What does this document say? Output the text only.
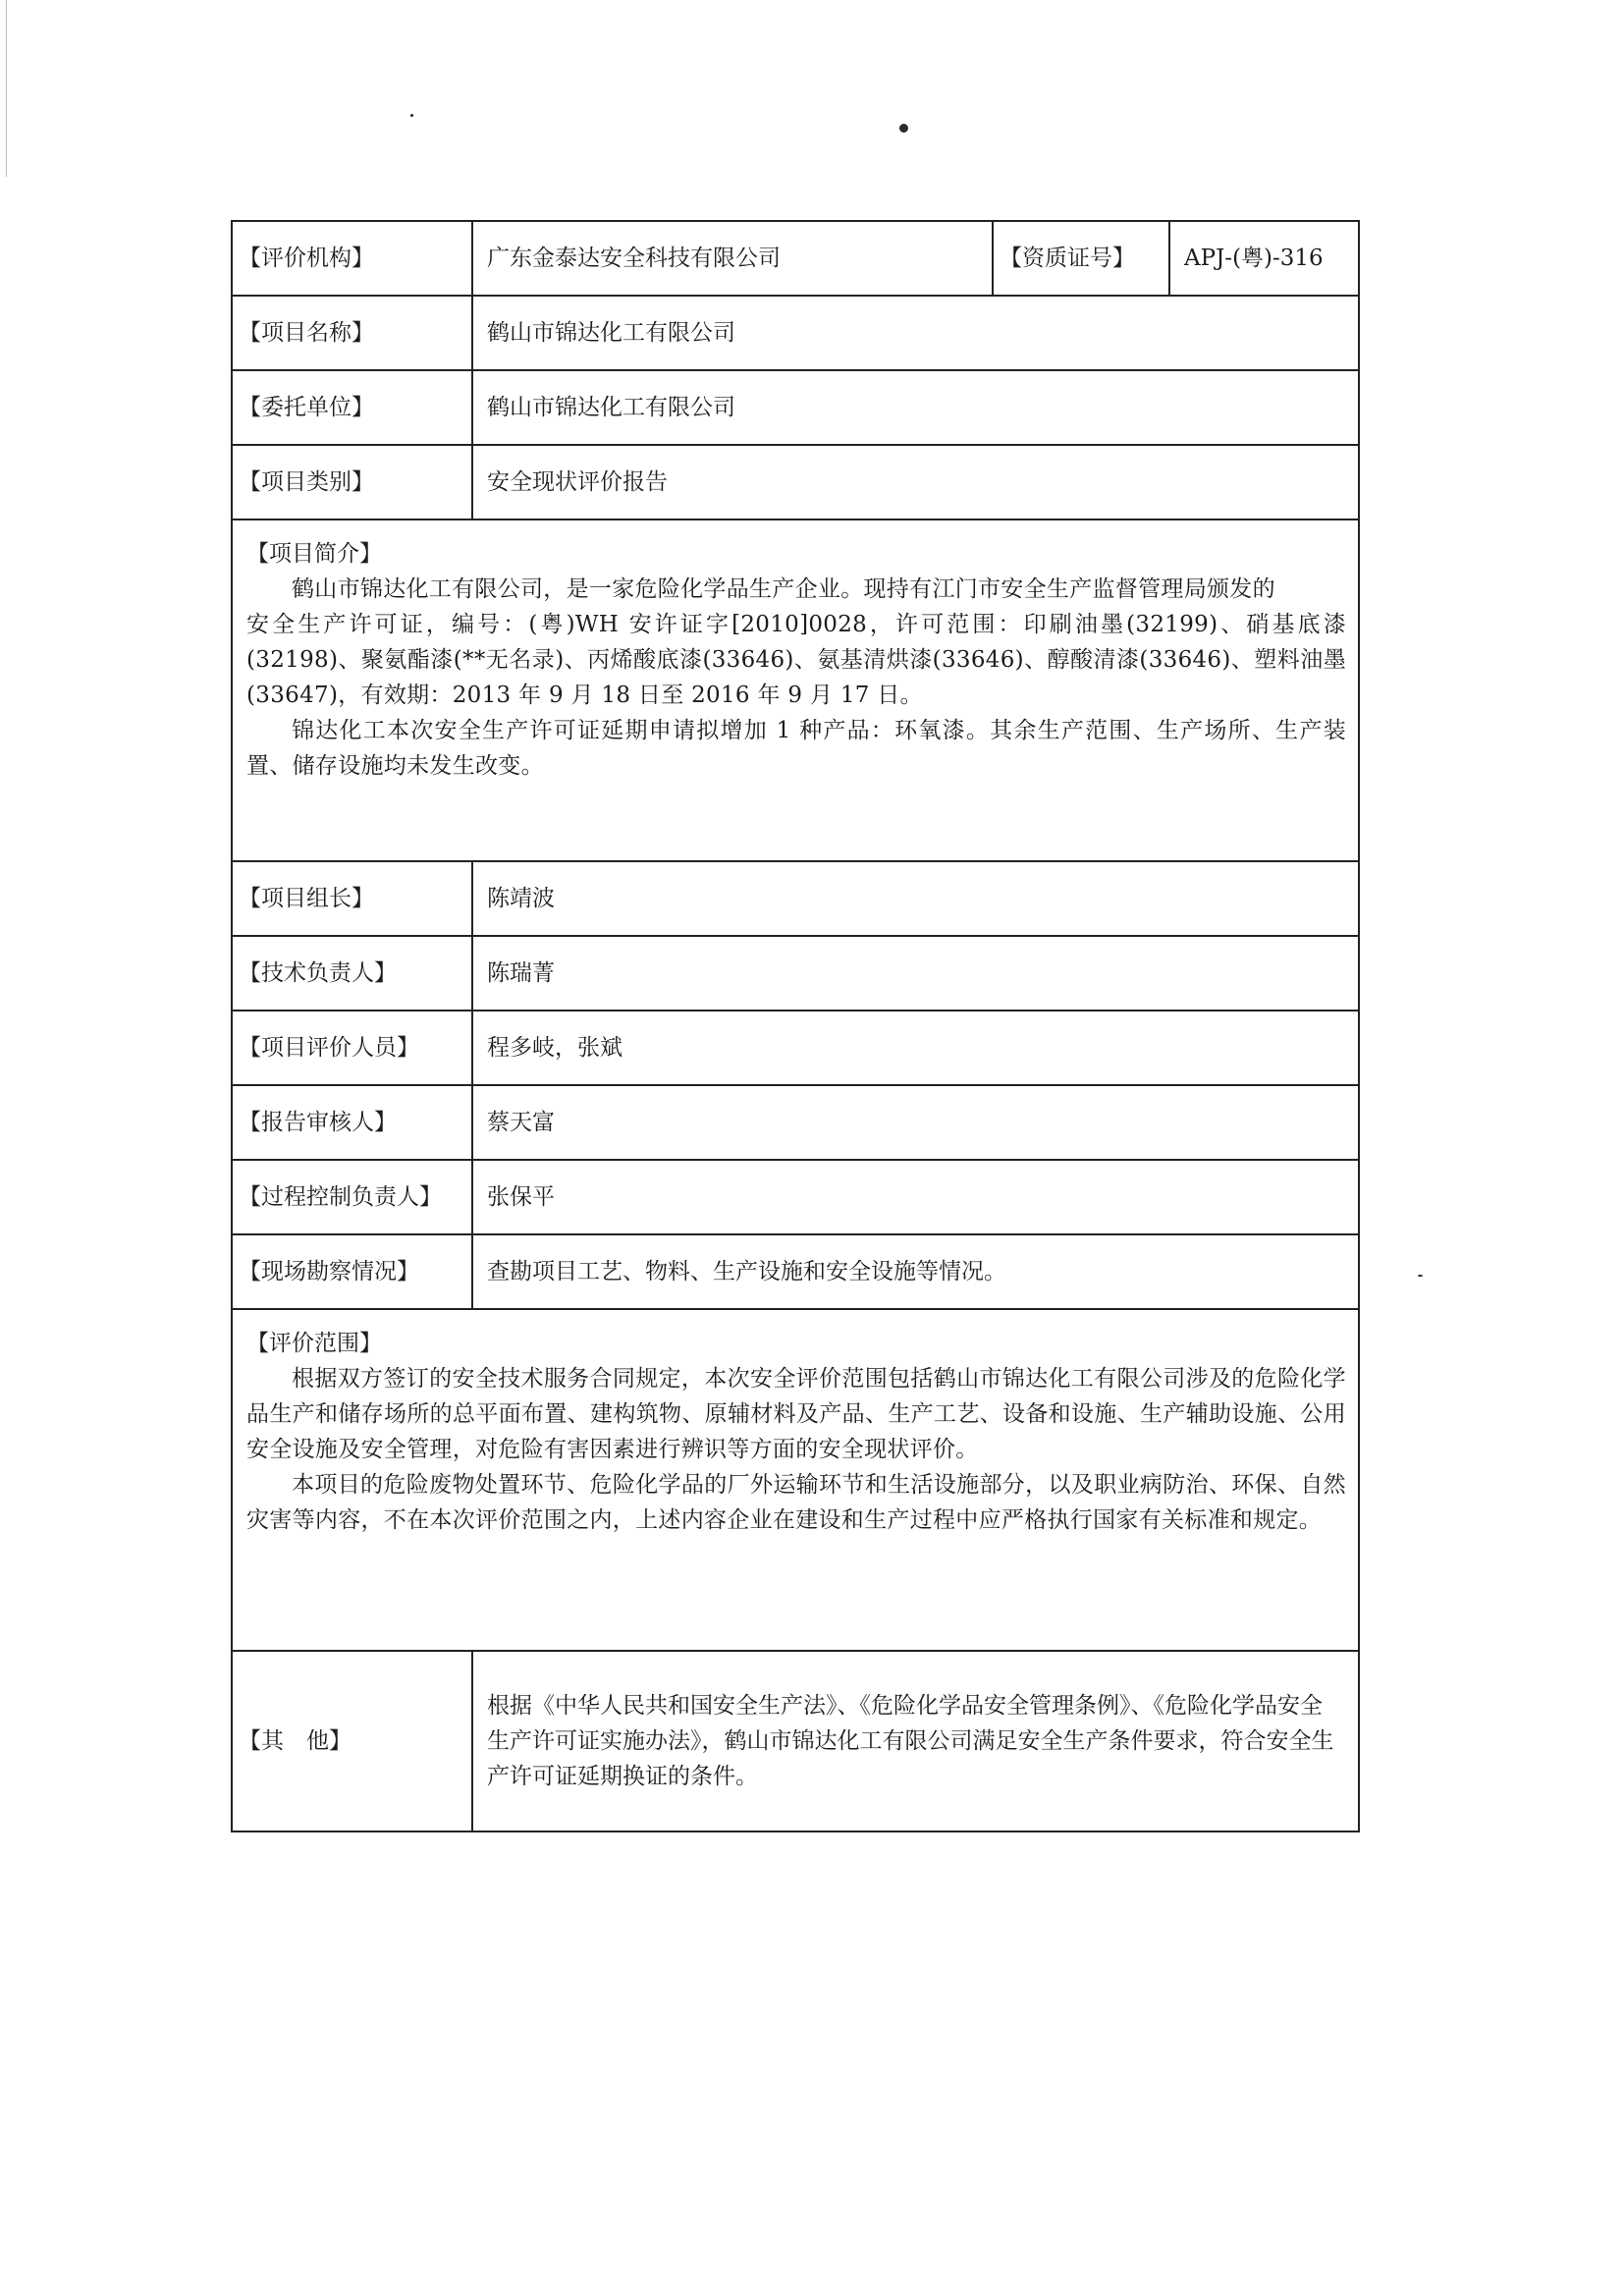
【评价机构】	广东金泰达安全科技有限公司	【资质证号】	APJ-(粤)-316
【项目名称】	鹤山市锦达化工有限公司		
【委托单位】	鹤山市锦达化工有限公司		
【项目类别】	安全现状评价报告		

【项目简介】

鹤山市锦达化工有限公司，是一家危险化学品生产企业。现持有江门市安全生产监督管理局颁发的

安全生产许可证，编号：(粤)WH 安许证字[2010]0028，许可范围：印刷油墨(32199)、硝基底漆(32198)、聚氨酯漆(**无名录)、丙烯酸底漆(33646)、氨基清烘漆(33646)、醇酸清漆(33646)、塑料油墨(33647)，有效期：2013 年 9 月 18 日至 2016 年 9 月 17 日。

锦达化工本次安全生产许可证延期申请拟增加 1 种产品：环氧漆。其余生产范围、生产场所、生产装置、储存设施均未发生改变。			

【项目组长】	陈靖波		
【技术负责人】	陈瑞菁		
【项目评价人员】	程多岐，张斌		
【报告审核人】	蔡天富		
【过程控制负责人】	张保平		
【现场勘察情况】	查勘项目工艺、物料、生产设施和安全设施等情况。		

【评价范围】

根据双方签订的安全技术服务合同规定，本次安全评价范围包括鹤山市锦达化工有限公司涉及的危险化学品生产和储存场所的总平面布置、建构筑物、原辅材料及产品、生产工艺、设备和设施、生产辅助设施、公用安全设施及安全管理，对危险有害因素进行辨识等方面的安全现状评价。

本项目的危险废物处置环节、危险化学品的厂外运输环节和生活设施部分，以及职业病防治、环保、自然灾害等内容，不在本次评价范围之内，上述内容企业在建设和生产过程中应严格执行国家有关标准和规定。			

【其　他】	根据《中华人民共和国安全生产法》、《危险化学品安全管理条例》、《危险化学品安全生产许可证实施办法》，鹤山市锦达化工有限公司满足安全生产条件要求，符合安全生产许可证延期换证的条件。		
